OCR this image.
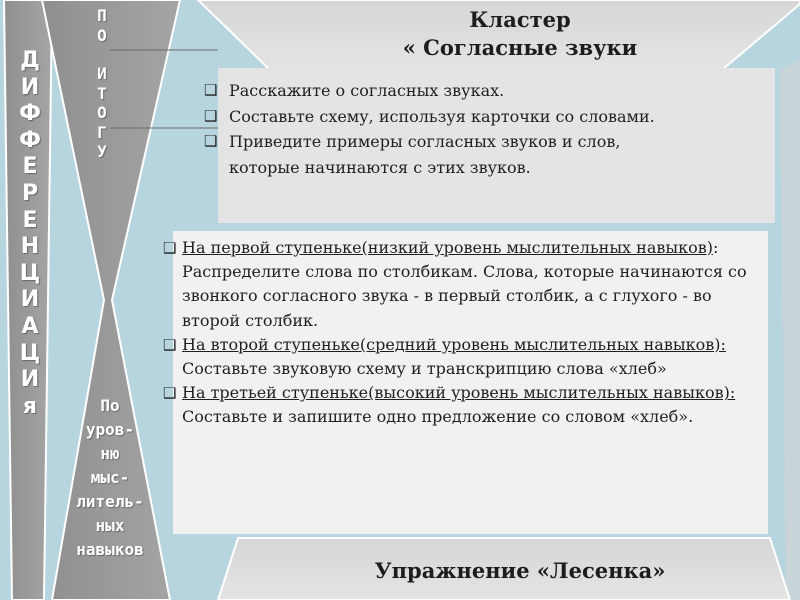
Д
И
Ф
Ф
Е
Р
Е
Н
Ц
И
А
Ц
И
я
П
О
И
Т
О
Г
У
По
уров-
ню
мыс-
литель-
ных
навыков
Кластер
« Согласные звуки
❑ Расскажите о согласных звуках.
❑ Составьте схему, используя карточки со словами.
❑ Приведите примеры согласных звуков и слов,
которые начинаются с этих звуков.
❑ На первой ступеньке(низкий уровень мыслительных навыков): Распределите слова по столбикам. Слова, которые начинаются со звонкого согласного звука - в первый столбик, а с глухого - во второй столбик.
❑ На второй ступеньке(средний уровень мыслительных навыков): Составьте звуковую схему и транскрипцию слова «хлеб»
❑ На третьей ступеньке(высокий уровень мыслительных навыков): Составьте и запишите одно предложение со словом «хлеб».
Упражнение «Лесенка»
